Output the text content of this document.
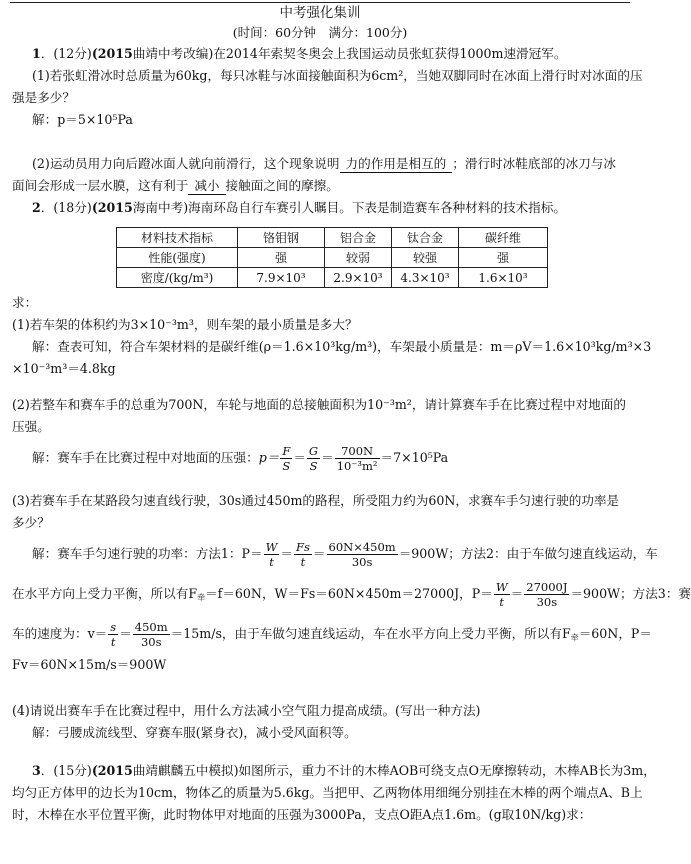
中考强化集训
(时间：60分钟　满分：100分)
1．(12分)(2015曲靖中考改编)在2014年索契冬奥会上我国运动员张虹获得1000m速滑冠军。
(1)若张虹滑冰时总质量为60kg，每只冰鞋与冰面接触面积为6cm²，当她双脚同时在冰面上滑行时对冰面的压
强是多少？
解：p＝5×10⁵Pa
(2)运动员用力向后蹬冰面人就向前滑行，这个现象说明 力的作用是相互的 ；滑行时冰鞋底部的冰刀与冰
面间会形成一层水膜，这有利于 减小 接触面之间的摩擦。
2．(18分)(2015海南中考)海南环岛自行车赛引人瞩目。下表是制造赛车各种材料的技术指标。
材料技术指标	铬钼钢	铝合金	钛合金	碳纤维
性能(强度)	强	较弱	较强	强
密度/(kg/m³)	7.9×10³	2.9×10³	4.3×10³	1.6×10³
求：
(1)若车架的体积约为3×10⁻³m³，则车架的最小质量是多大？
解：查表可知，符合车架材料的是碳纤维(ρ＝1.6×10³kg/m³)，车架最小质量是：m＝ρV＝1.6×10³kg/m³×3
×10⁻³m³＝4.8kg
(2)若整车和赛车手的总重为700N，车轮与地面的总接触面积为10⁻³m²，请计算赛车手在比赛过程中对地面的
压强。
解：赛车手在比赛过程中对地面的压强：$p= \frac{F}{S} = \frac{G}{S} = \frac{700N}{\text{10⁻³m²}} =7\times 10^5Pa$
(3)若赛车手在某路段匀速直线行驶，30s通过450m的路程，所受阻力约为60N，求赛车手匀速行驶的功率是
多少？
解：赛车手匀速行驶的功率：方法1：$P= \frac{W}{t} = \frac{Fs}{t} = \frac{60N\times 450m}{30s} =900W$；方法2：由于车做匀速直线运动，车
在水平方向上受力平衡，所以有$F_牵=f=60N$，W＝Fs＝60N×450m＝27000J，$P= \frac{W}{t} = \frac{27000J}{30s} =900W$；方法3：赛
车的速度为：$v= \frac{s}{t} = \frac{450m}{30s} =15m/s$，由于车做匀速直线运动，车在水平方向上受力平衡，所以有$F_牵=60N$，P＝
Fv＝60N×15m/s＝900W
(4)请说出赛车手在比赛过程中，用什么方法减小空气阻力提高成绩。(写出一种方法)
解：弓腰成流线型、穿赛车服(紧身衣)，减小受风面积等。
3．(15分)(2015曲靖麒麟五中模拟)如图所示，重力不计的木棒AOB可绕支点O无摩擦转动，木棒AB长为3m，
均匀正方体甲的边长为10cm，物体乙的质量为5.6kg。当把甲、乙两物体用细绳分别挂在木棒的两个端点A、B上
时，木棒在水平位置平衡，此时物体甲对地面的压强为3000Pa，支点O距A点1.6m。(g取10N/kg)求：
